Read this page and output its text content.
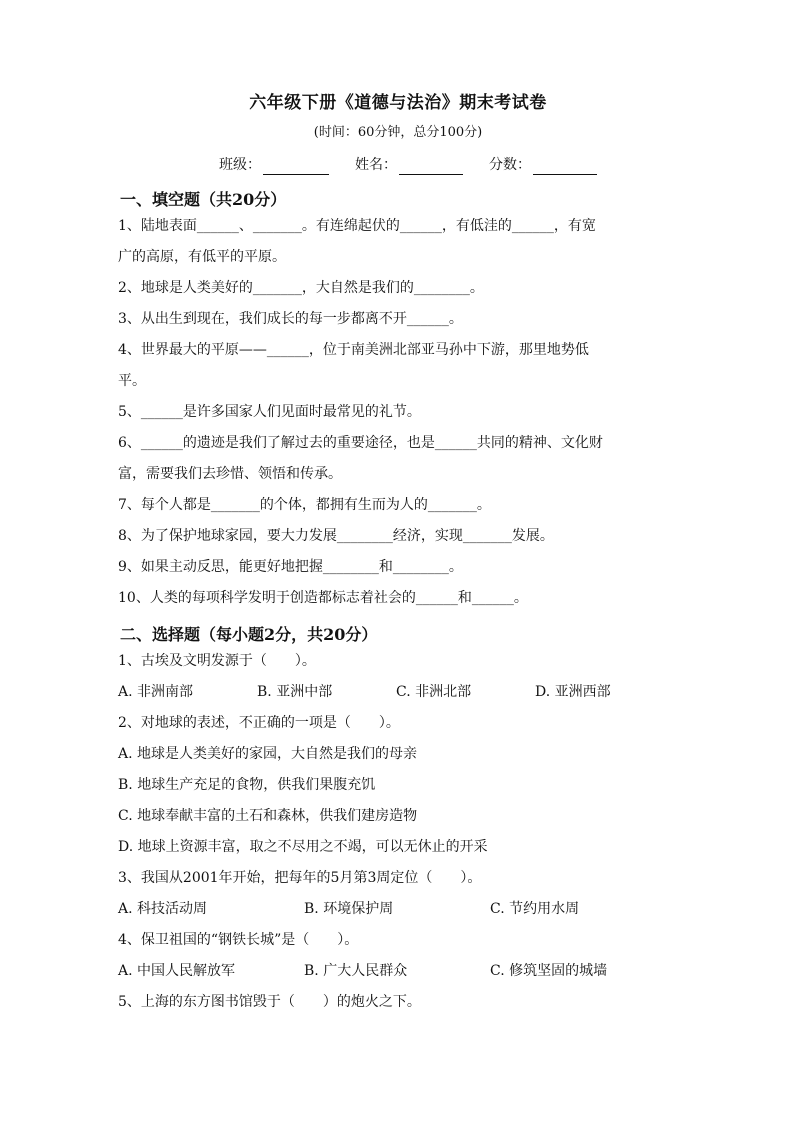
六年级下册《道德与法治》期末考试卷
(时间：60分钟，总分100分)
班级：	姓名：	分数：
一、填空题（共20分）
1、陆地表面______、_______。有连绵起伏的______，有低洼的______，有宽
广的高原，有低平的平原。
2、地球是人类美好的_______，大自然是我们的________。
3、从出生到现在，我们成长的每一步都离不开______。
4、世界最大的平原——______，位于南美洲北部亚马孙中下游，那里地势低
平。
5、______是许多国家人们见面时最常见的礼节。
6、______的遗迹是我们了解过去的重要途径，也是______共同的精神、文化财
富，需要我们去珍惜、领悟和传承。
7、每个人都是_______的个体，都拥有生而为人的_______。
8、为了保护地球家园，要大力发展________经济，实现_______发展。
9、如果主动反思，能更好地把握________和________。
10、人类的每项科学发明于创造都标志着社会的______和______。
二、选择题（每小题2分，共20分）
1、古埃及文明发源于（　　）。
A. 非洲南部	B. 亚洲中部	C. 非洲北部	D. 亚洲西部
2、对地球的表述，不正确的一项是（　　）。
A. 地球是人类美好的家园，大自然是我们的母亲
B. 地球生产充足的食物，供我们果腹充饥
C. 地球奉献丰富的土石和森林，供我们建房造物
D. 地球上资源丰富，取之不尽用之不竭，可以无休止的开采
3、我国从2001年开始，把每年的5月第3周定位（　　）。
A. 科技活动周	B. 环境保护周	C. 节约用水周
4、保卫祖国的“钢铁长城”是（　　）。
A. 中国人民解放军	B. 广大人民群众	C. 修筑坚固的城墙
5、上海的东方图书馆毁于（　　）的炮火之下。
